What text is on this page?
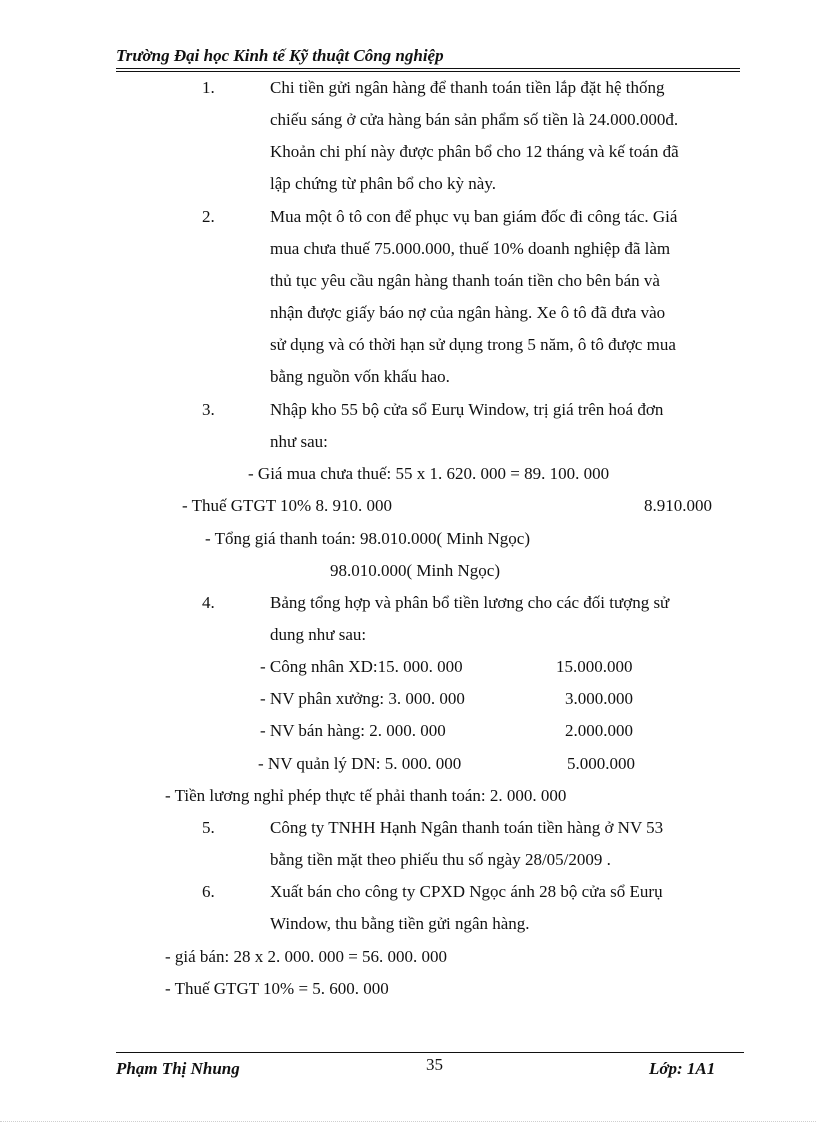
Trường Đại học Kinh tế Kỹ thuật Công nghiệp
1.	Chi tiền gửi ngân hàng để thanh toán tiền lắp đặt hệ thống
chiếu sáng ở cửa hàng bán sản phẩm số tiền là 24.000.000đ.
Khoản chi phí này được phân bổ cho 12 tháng và kế toán đã
lập chứng từ phân bổ cho kỳ này.
2.	Mua một ô tô con để phục vụ ban giám đốc đi công tác. Giá
mua chưa thuế 75.000.000, thuế 10% doanh nghiệp đã làm
thủ tục yêu cầu ngân hàng thanh toán tiền cho bên bán và
nhận được giấy báo nợ của ngân hàng. Xe ô tô đã đưa vào
sử dụng và có thời hạn sử dụng trong 5 năm, ô tô được mua
bằng nguồn vốn khấu hao.
3.	Nhập kho 55 bộ cửa sổ Eurụ Window, trị giá trên hoá đơn
như sau:
- Giá mua chưa thuế: 55 x 1. 620. 000 = 89. 100. 000
- Thuế GTGT 10% 8. 910. 000	8.910.000
- Tổng giá thanh toán: 98.010.000( Minh Ngọc)
98.010.000( Minh Ngọc)
4.	Bảng tổng hợp và phân bổ tiền lương cho các đối tượng sử
dung như sau:
- Công nhân XD:15. 000. 000	15.000.000
- NV phân xưởng: 3. 000. 000	3.000.000
- NV bán hàng: 2. 000. 000	2.000.000
- NV quản lý DN: 5. 000. 000	5.000.000
- Tiền lương nghỉ phép thực tế phải thanh toán: 2. 000. 000
5.	Công ty TNHH Hạnh Ngân thanh toán tiền hàng ở NV 53
bằng tiền mặt theo phiếu thu số ngày 28/05/2009 .
6.	Xuất bán cho công ty CPXD Ngọc ánh 28 bộ cửa sổ Eurụ
Window, thu bằng tiền gửi ngân hàng.
- giá bán: 28 x 2. 000. 000 = 56. 000. 000
- Thuế GTGT 10% = 5. 600. 000
Phạm Thị Nhung	35	Lớp: 1A1
